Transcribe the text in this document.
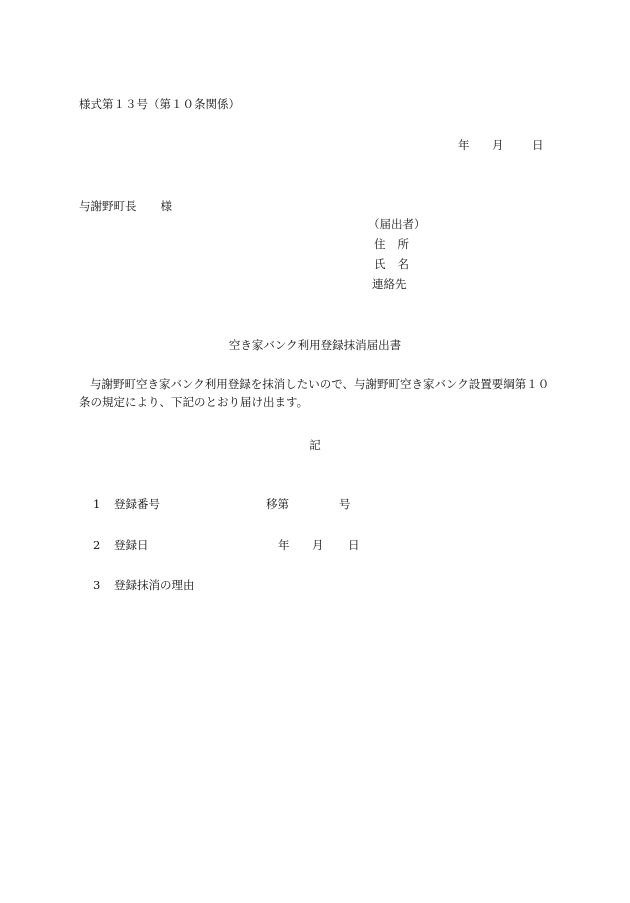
様式第１３号（第１０条関係）
年 月 日
与謝野町長 様
（届出者）
住 所
氏 名
連絡先
空き家バンク利用登録抹消届出書
与謝野町空き家バンク利用登録を抹消したいので、与謝野町空き家バンク設置要綱第１０条の規定により、下記のとおり届け出ます。
記
1 登録番号	移第	号
2 登録日	年 月 日
3 登録抹消の理由
